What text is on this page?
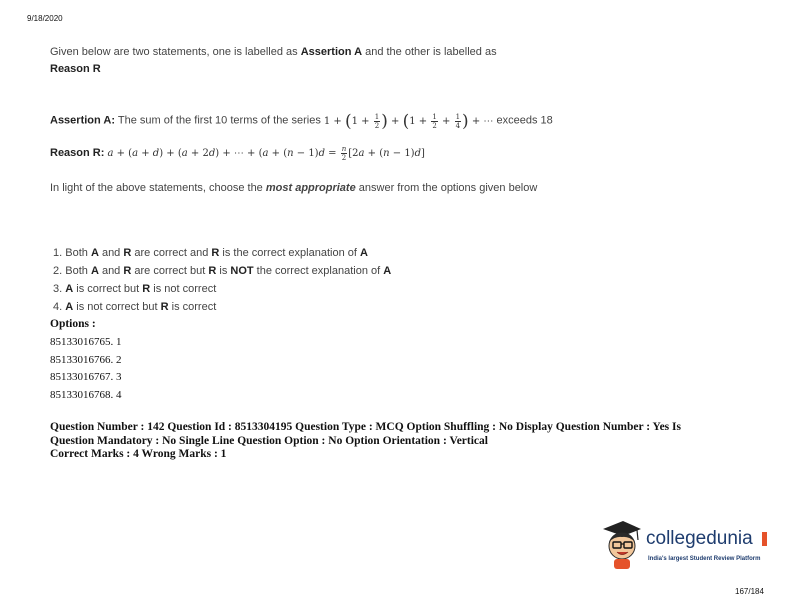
9/18/2020
Given below are two statements, one is labelled as Assertion A and the other is labelled as
Reason R
Assertion A: The sum of the first 10 terms of the series $1 + (1 + \frac{1}{2}$ ) + ($1 + \frac{1}{2} + \frac{1}{4}$ ) + ⋯ exceeds 18
Reason R: a + (a + d) + (a + 2d) + ⋯ + ($a + (n - 1)d = \frac{n}{2} [2a + (n - 1)d]$
In light of the above statements, choose the most appropriate answer from the options given below
1. Both A and R are correct and R is the correct explanation of A
2. Both A and R are correct but R is NOT the correct explanation of A
3. A is correct but R is not correct
4. A is not correct but R is correct
Options :
85133016765. 1
85133016766. 2
85133016767. 3
85133016768. 4
Question Number : 142 Question Id : 8513304195 Question Type : MCQ Option Shuffling : No Display Question Number : Yes Is
Question Mandatory : No Single Line Question Option : No Option Orientation : Vertical
Correct Marks : 4 Wrong Marks : 1
collegedunia
India's largest Student Review Platform
167/184
